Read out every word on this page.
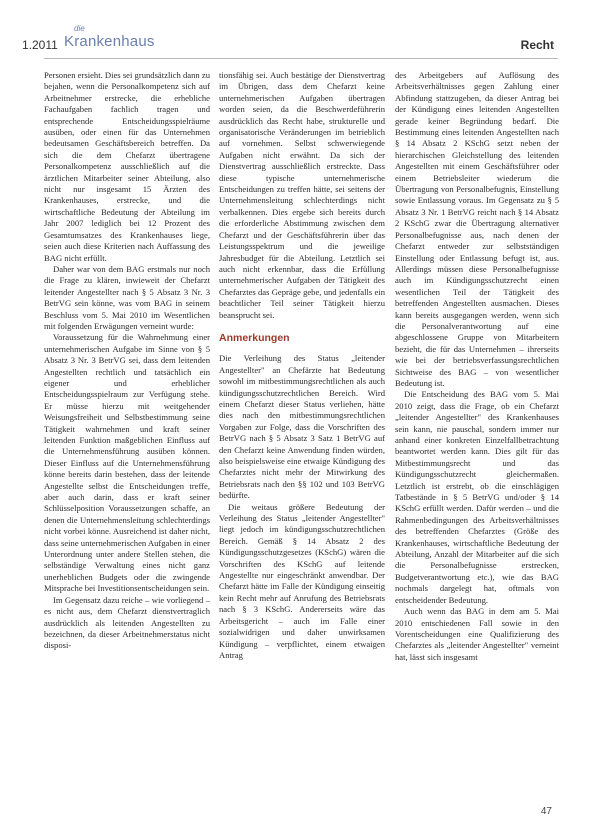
1.2011
die
Krankenhaus	Recht

Personen ersieht. Dies sei grundsätzlich dann zu bejahen, wenn die Personalkompetenz sich auf Arbeitnehmer erstrecke, die erhebliche Fachaufgaben fachlich tragen und entsprechende Entscheidungsspielräume ausüben, oder einen für das Unternehmen bedeutsamen Geschäftsbereich betreffen. Da sich die dem Chefarzt übertragene Personalkompetenz ausschließlich auf die ärztlichen Mitarbeiter seiner Abteilung, also nicht nur insgesamt 15 Ärzten des Krankenhauses, erstrecke, und die wirtschaftliche Bedeutung der Abteilung im Jahr 2007 lediglich bei 12 Prozent des Gesamtumsatzes des Krankenhauses liege, seien auch diese Kriterien nach Auffassung des BAG nicht erfüllt.

Daher war von dem BAG erstmals nur noch die Frage zu klären, inwieweit der Chefarzt leitender Angestellter nach § 5 Absatz 3 Nr. 3 BetrVG sein könne, was vom BAG in seinem Beschluss vom 5. Mai 2010 im Wesentlichen mit folgenden Erwägungen verneint wurde:

Voraussetzung für die Wahrnehmung einer unternehmerischen Aufgabe im Sinne von § 5 Absatz 3 Nr. 3 BetrVG sei, dass dem leitenden Angestellten rechtlich und tatsächlich ein eigener und erheblicher Entscheidungsspielraum zur Verfügung stehe. Er müsse hierzu mit weitgehender Weisungsfreiheit und Selbstbestimmung seine Tätigkeit wahrnehmen und kraft seiner leitenden Funktion maßgeblichen Einfluss auf die Unternehmensführung ausüben können. Dieser Einfluss auf die Unternehmensführung könne bereits darin bestehen, dass der leitende Angestellte selbst die Entscheidungen treffe, aber auch darin, dass er kraft seiner Schlüsselposition Voraussetzungen schaffe, an denen die Unternehmensleitung schlechterdings nicht vorbei könne. Ausreichend ist daher nicht, dass seine unternehmerischen Aufgaben in einer Unterordnung unter andere Stellen stehen, die selbständige Verwaltung eines nicht ganz unerheblichen Budgets oder die zwingende Mitsprache bei Investitionsentscheidungen sein.

Im Gegensatz dazu reiche – wie vorliegend – es nicht aus, dem Chefarzt dienstvertraglich ausdrücklich als leitenden Angestellten zu bezeichnen, da dieser Arbeitnehmerstatus nicht disposi-

tionsfähig sei. Auch bestätige der Dienstvertrag im Übrigen, dass dem Chefarzt keine unternehmerischen Aufgaben übertragen worden seien, da die Beschwerdeführerin ausdrücklich das Recht habe, strukturelle und organisatorische Veränderungen im betrieblich auf vornehmen. Selbst schwerwiegende Aufgaben nicht erwähnt. Da sich der Dienstvertrag ausschließlich erstreckte. Dass diese typische unternehmerische Entscheidungen zu treffen hätte, sei seitens der Unternehmensleitung schlechterdings nicht verbalkennen. Dies ergebe sich bereits durch die erforderliche Abstimmung zwischen dem Chefarzt und der Geschäftsführerin über das Leistungsspektrum und die jeweilige Jahresbudget für die Abteilung. Letztlich sei auch nicht erkennbar, dass die Erfüllung unternehmerischer Aufgaben der Tätigkeit des Chefarztes das Gepräge gebe, und jedenfalls ein beachtlicher Teil seiner Tätigkeit hierzu beansprucht sei.

Anmerkungen

Die Verleihung des Status „leitender Angestellter" an Chefärzte hat Bedeutung sowohl im mitbestimmungsrechtlichen als auch kündigungsschutzrechtlichen Bereich. Wird einem Chefarzt dieser Status verliehen, hätte dies nach den mitbestimmungsrechtlichen Vorgaben zur Folge, dass die Vorschriften des BetrVG nach § 5 Absatz 3 Satz 1 BetrVG auf den Chefarzt keine Anwendung finden würden, also beispielsweise eine etwaige Kündigung des Chefarztes nicht mehr der Mitwirkung des Betriebsrats nach den §§ 102 und 103 BetrVG bedürfte.

Die weitaus größere Bedeutung der Verleihung des Status „leitender Angestellter" liegt jedoch im kündigungsschutzrechtlichen Bereich. Gemäß § 14 Absatz 2 des Kündigungsschutzgesetzes (KSchG) wären die Vorschriften des KSchG auf leitende Angestellte nur eingeschränkt anwendbar. Der Chefarzt hätte im Falle der Kündigung einseitig kein Recht mehr auf Anrufung des Betriebsrats nach § 3 KSchG. Andererseits wäre das Arbeitsgericht – auch im Falle einer sozialwidrigen und daher unwirksamen Kündigung – verpflichtet, einem etwaigen Antrag

des Arbeitgebers auf Auflösung des Arbeitsverhältnisses gegen Zahlung einer Abfindung stattzugeben, da dieser Antrag bei der Kündigung eines leitenden Angestellten gerade keiner Begründung bedarf. Die Bestimmung eines leitenden Angestellten nach § 14 Absatz 2 KSchG setzt neben der hierarchischen Gleichstellung des leitenden Angestellten mit einem Geschäftsführer oder einem Betriebsleiter wiederum die Übertragung von Personalbefugnis, Einstellung sowie Entlassung voraus. Im Gegensatz zu § 5 Absatz 3 Nr. 1 BetrVG reicht nach § 14 Absatz 2 KSchG zwar die Übertragung alternativer Personalbefugnisse aus, nach denen der Chefarzt entweder zur selbstständigen Einstellung oder Entlassung befugt ist, aus. Allerdings müssen diese Personalbefugnisse auch im Kündigungsschutzrecht einen wesentlichen Teil der Tätigkeit des betreffenden Angestellten ausmachen. Dieses kann bereits ausgegangen werden, wenn sich die Personalverantwortung auf eine abgeschlossene Gruppe von Mitarbeitern bezieht, die für das Unternehmen – ihrerseits wie bei der betriebsverfassungsrechtlichen Sichtweise des BAG – von wesentlicher Bedeutung ist.

Die Entscheidung des BAG vom 5. Mai 2010 zeigt, dass die Frage, ob ein Chefarzt „leitender Angestellter" des Krankenhauses sein kann, nie pauschal, sondern immer nur anhand einer konkreten Einzelfallbetrachtung beantwortet werden kann. Dies gilt für das Mitbestimmungsrecht und das Kündigungsschutzrecht gleichermaßen. Letztlich ist erstrebt, ob die einschlägigen Tatbestände in § 5 BetrVG und/oder § 14 KSchG erfüllt werden. Dafür werden – und die Rahmenbedingungen des Arbeitsverhältnisses des betreffenden Chefarztes (Größe des Krankenhauses, wirtschaftliche Bedeutung der Abteilung, Anzahl der Mitarbeiter auf die sich die Personalbefugnisse erstrecken, Budgetverantwortung etc.), wie das BAG nochmals dargelegt hat, oftmals von entscheidender Bedeutung.

Auch wenn das BAG in dem am 5. Mai 2010 entschiedenen Fall sowie in den Vorentscheidungen eine Qualifizierung des Chefarztes als „leitender Angestellter" verneint hat, lässt sich insgesamt

47
